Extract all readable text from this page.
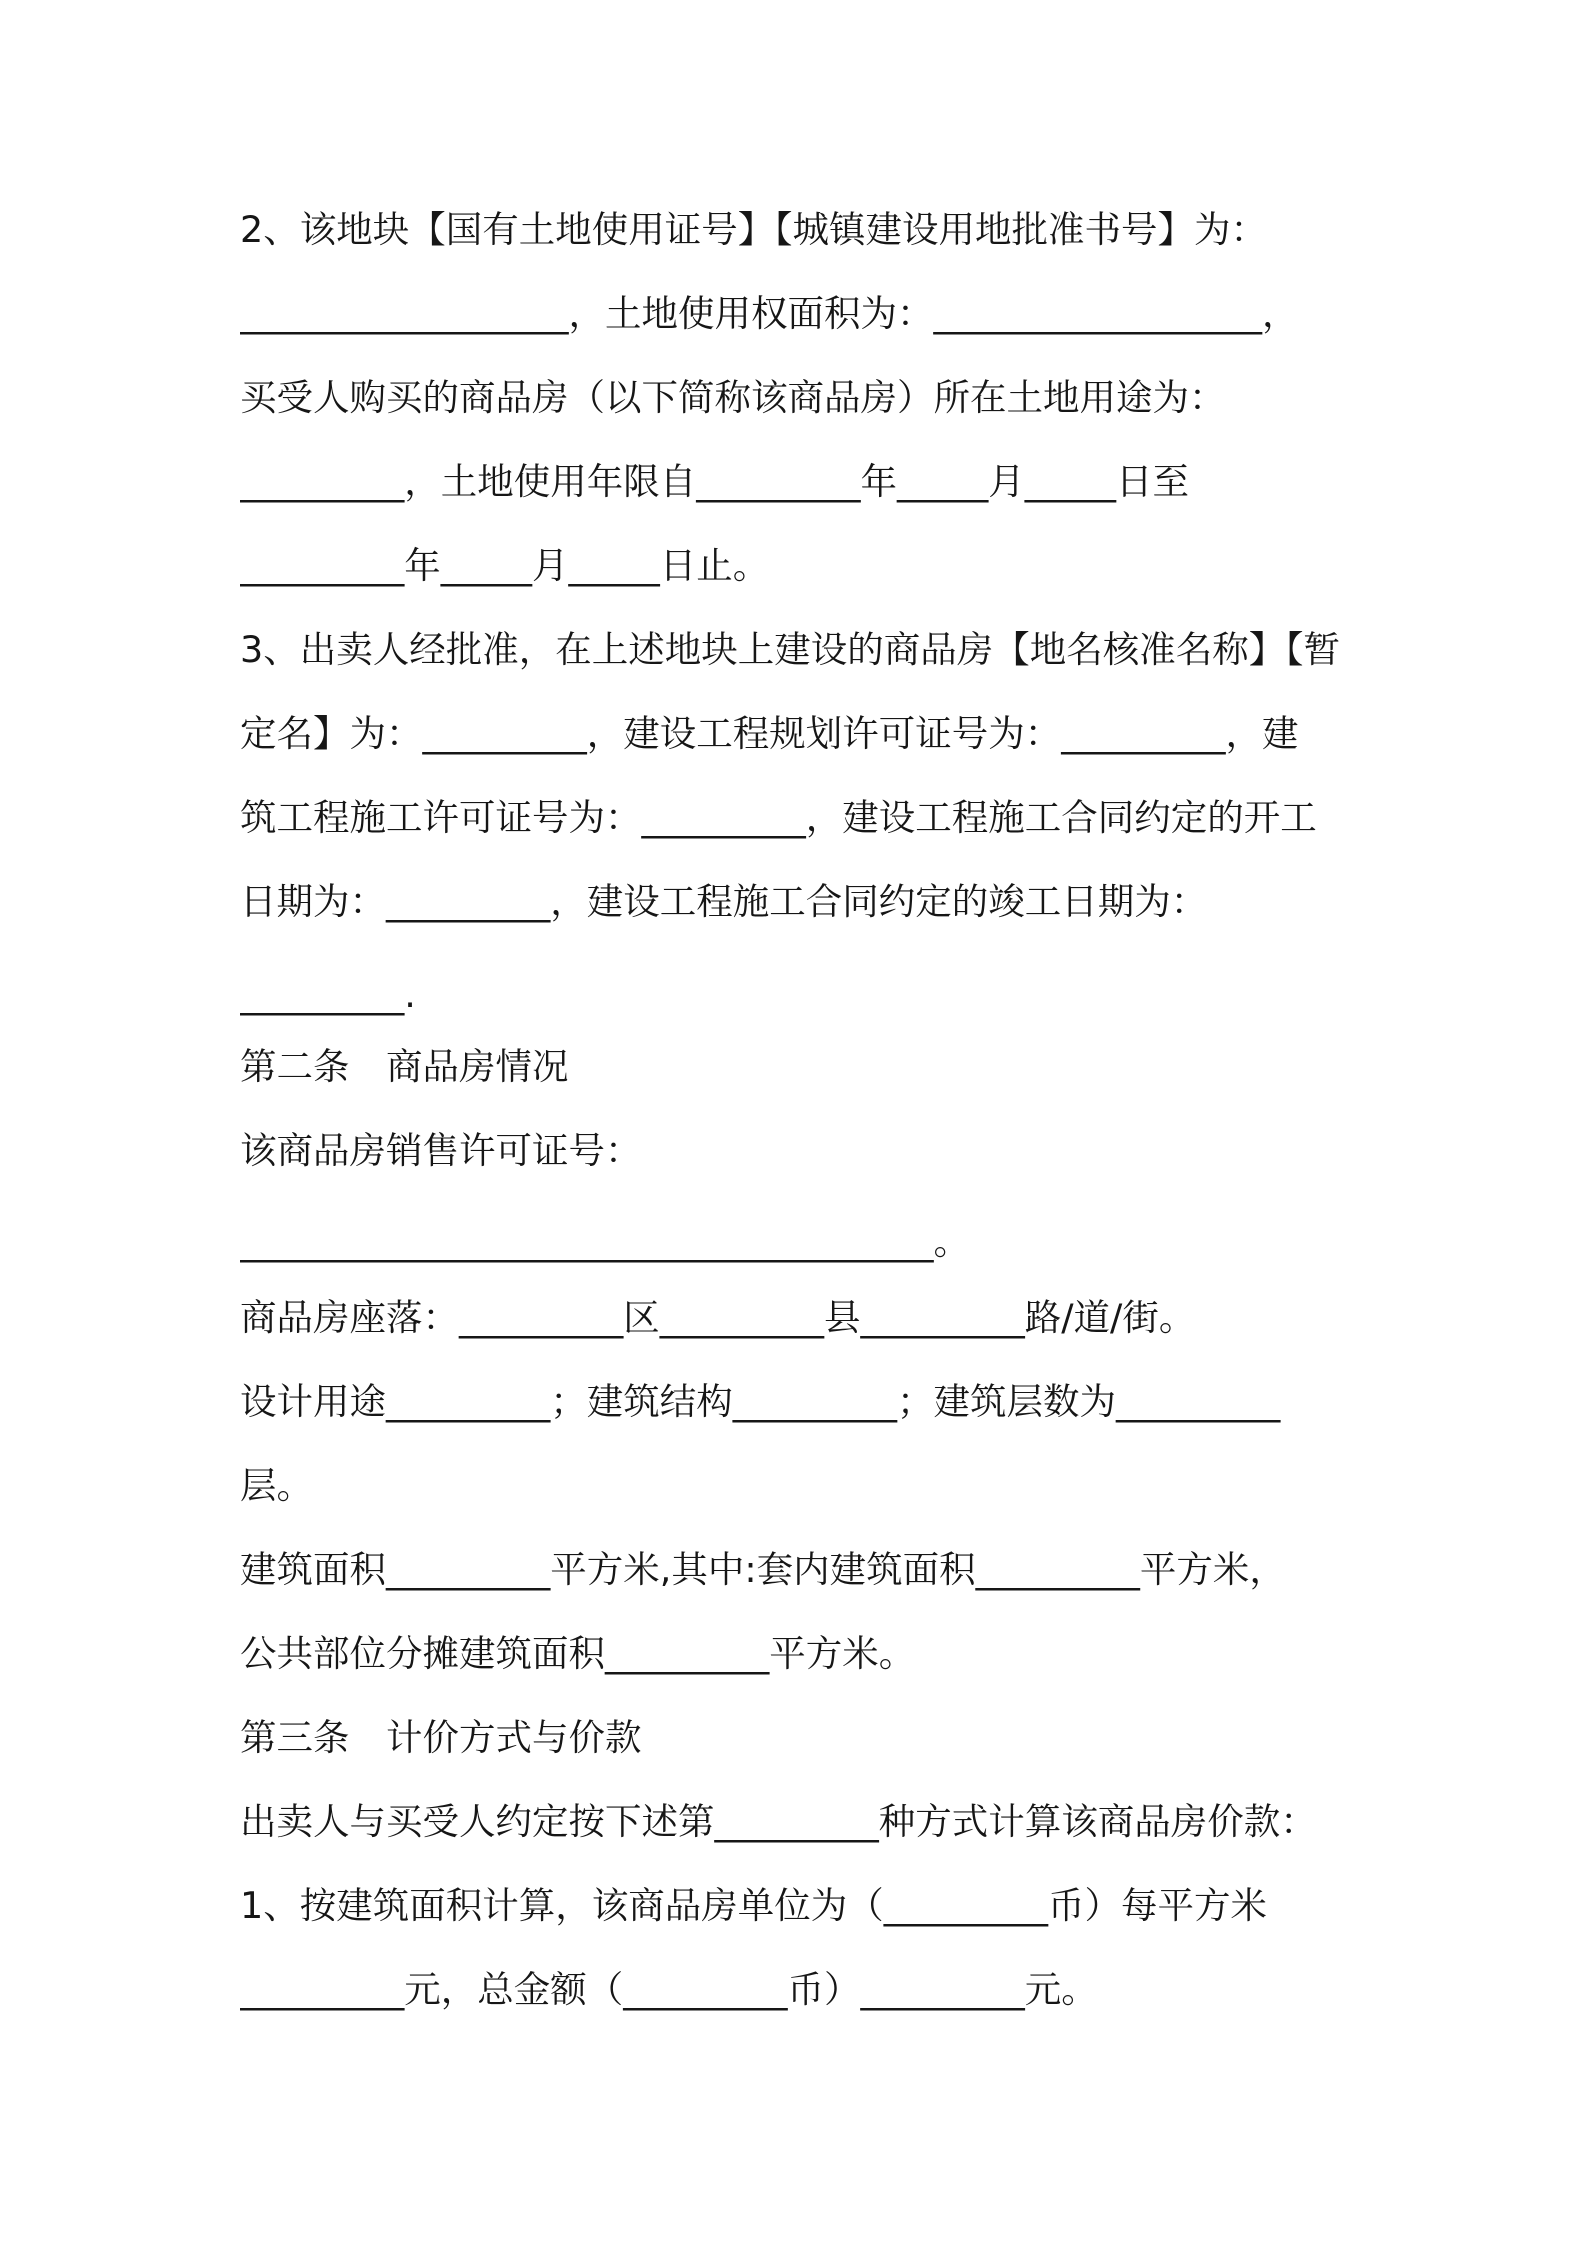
2、该地块【国有土地使用证号】【城镇建设用地批准书号】为：
__________________，土地使用权面积为：__________________，
买受人购买的商品房（以下简称该商品房）所在土地用途为：
_________，土地使用年限自_________年_____月_____日至
_________年_____月_____日止。
3、出卖人经批准，在上述地块上建设的商品房【地名核准名称】【暂
定名】为：_________，建设工程规划许可证号为：_________，建
筑工程施工许可证号为：_________，建设工程施工合同约定的开工
日期为：_________，建设工程施工合同约定的竣工日期为：
_________.
第二条　商品房情况
该商品房销售许可证号：
______________________________________。
商品房座落：_________区_________县_________路/道/街。
设计用途_________；建筑结构_________；建筑层数为_________
层。
建筑面积_________平方米,其中:套内建筑面积_________平方米，
公共部位分摊建筑面积_________平方米。
第三条　计价方式与价款
出卖人与买受人约定按下述第_________种方式计算该商品房价款：
1、按建筑面积计算，该商品房单位为（_________币）每平方米
_________元，总金额（_________币）_________元。
